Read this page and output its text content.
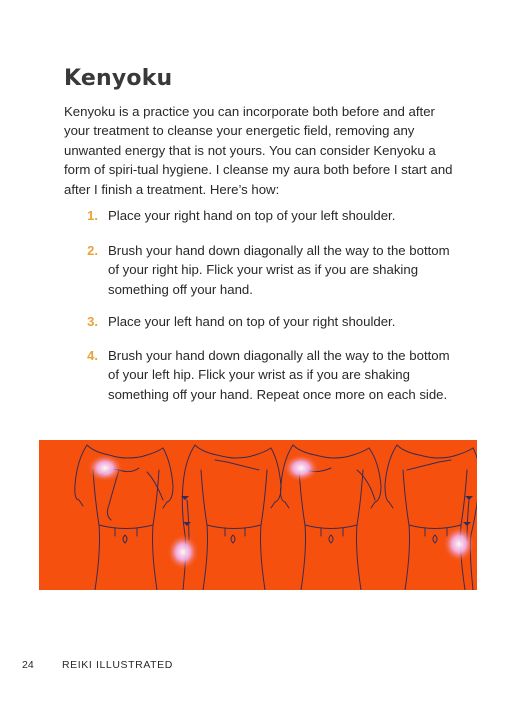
Kenyoku

Kenyoku is a practice you can incorporate both before and after your treatment to cleanse your energetic field, removing any unwanted energy that is not yours. You can consider Kenyoku a form of spiri-tual hygiene. I cleanse my aura both before I start and after I finish a treatment. Here’s how:

1. Place your right hand on top of your left shoulder.
2. Brush your hand down diagonally all the way to the bottom of your right hip. Flick your wrist as if you are shaking something off your hand.
3. Place your left hand on top of your right shoulder.
4. Brush your hand down diagonally all the way to the bottom of your left hip. Flick your wrist as if you are shaking something off your hand. Repeat once more on each side.
24	REIKI ILLUSTRATED
